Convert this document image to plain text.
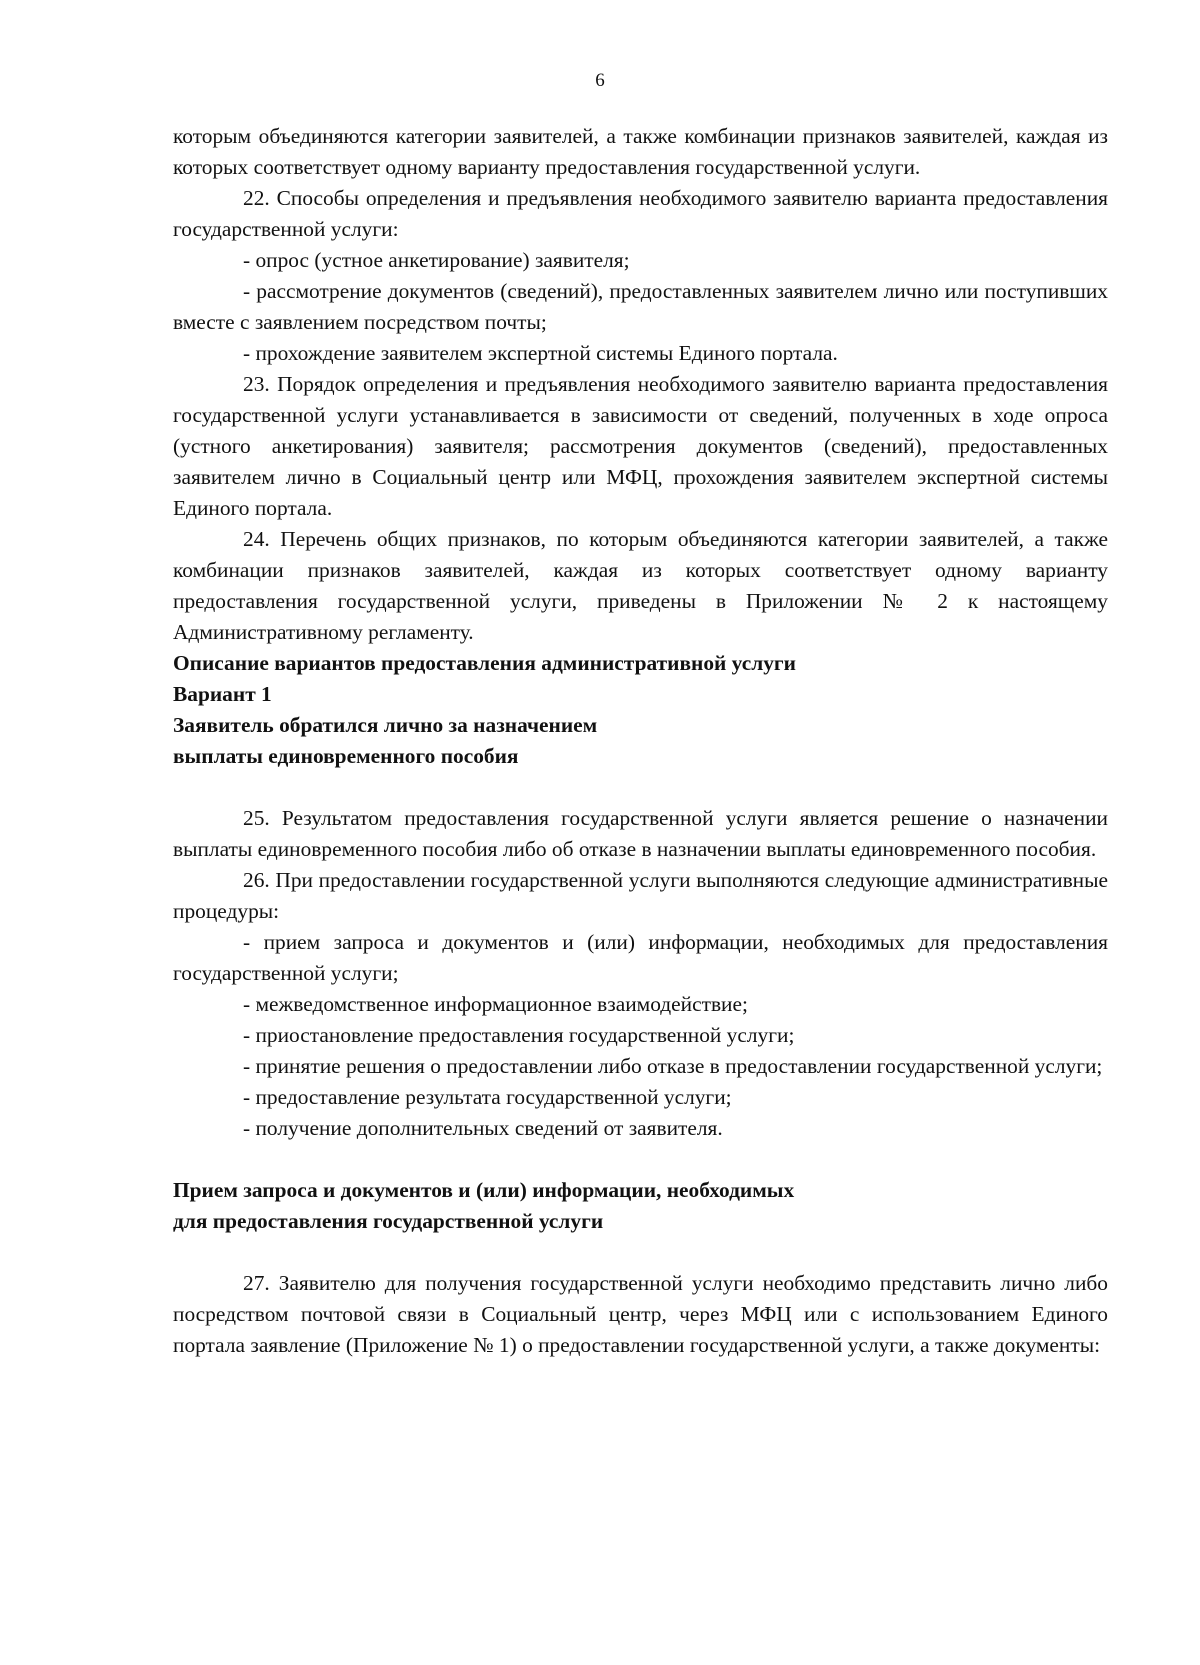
6

которым объединяются категории заявителей, а также комбинации признаков заявителей, каждая из которых соответствует одному варианту предоставления государственной услуги.

22. Способы определения и предъявления необходимого заявителю варианта предоставления государственной услуги:

- опрос (устное анкетирование) заявителя;

- рассмотрение документов (сведений), предоставленных заявителем лично или поступивших вместе с заявлением посредством почты;

- прохождение заявителем экспертной системы Единого портала.

23. Порядок определения и предъявления необходимого заявителю варианта предоставления государственной услуги устанавливается в зависимости от сведений, полученных в ходе опроса (устного анкетирования) заявителя; рассмотрения документов (сведений), предоставленных заявителем лично в Социальный центр или МФЦ, прохождения заявителем экспертной системы Единого портала.

24. Перечень общих признаков, по которым объединяются категории заявителей, а также комбинации признаков заявителей, каждая из которых соответствует одному варианту предоставления государственной услуги, приведены в Приложении № 2 к настоящему Административному регламенту.

Описание вариантов предоставления административной услуги

Вариант 1

Заявитель обратился лично за назначением

выплаты единовременного пособия

25. Результатом предоставления государственной услуги является решение о назначении выплаты единовременного пособия либо об отказе в назначении выплаты единовременного пособия.

26. При предоставлении государственной услуги выполняются следующие административные процедуры:

- прием запроса и документов и (или) информации, необходимых для предоставления государственной услуги;

- межведомственное информационное взаимодействие;

- приостановление предоставления государственной услуги;

- принятие решения о предоставлении либо отказе в предоставлении государственной услуги;

- предоставление результата государственной услуги;

- получение дополнительных сведений от заявителя.

Прием запроса и документов и (или) информации, необходимых

для предоставления государственной услуги

27. Заявителю для получения государственной услуги необходимо представить лично либо посредством почтовой связи в Социальный центр, через МФЦ или с использованием Единого портала заявление (Приложение № 1) о предоставлении государственной услуги, а также документы:
